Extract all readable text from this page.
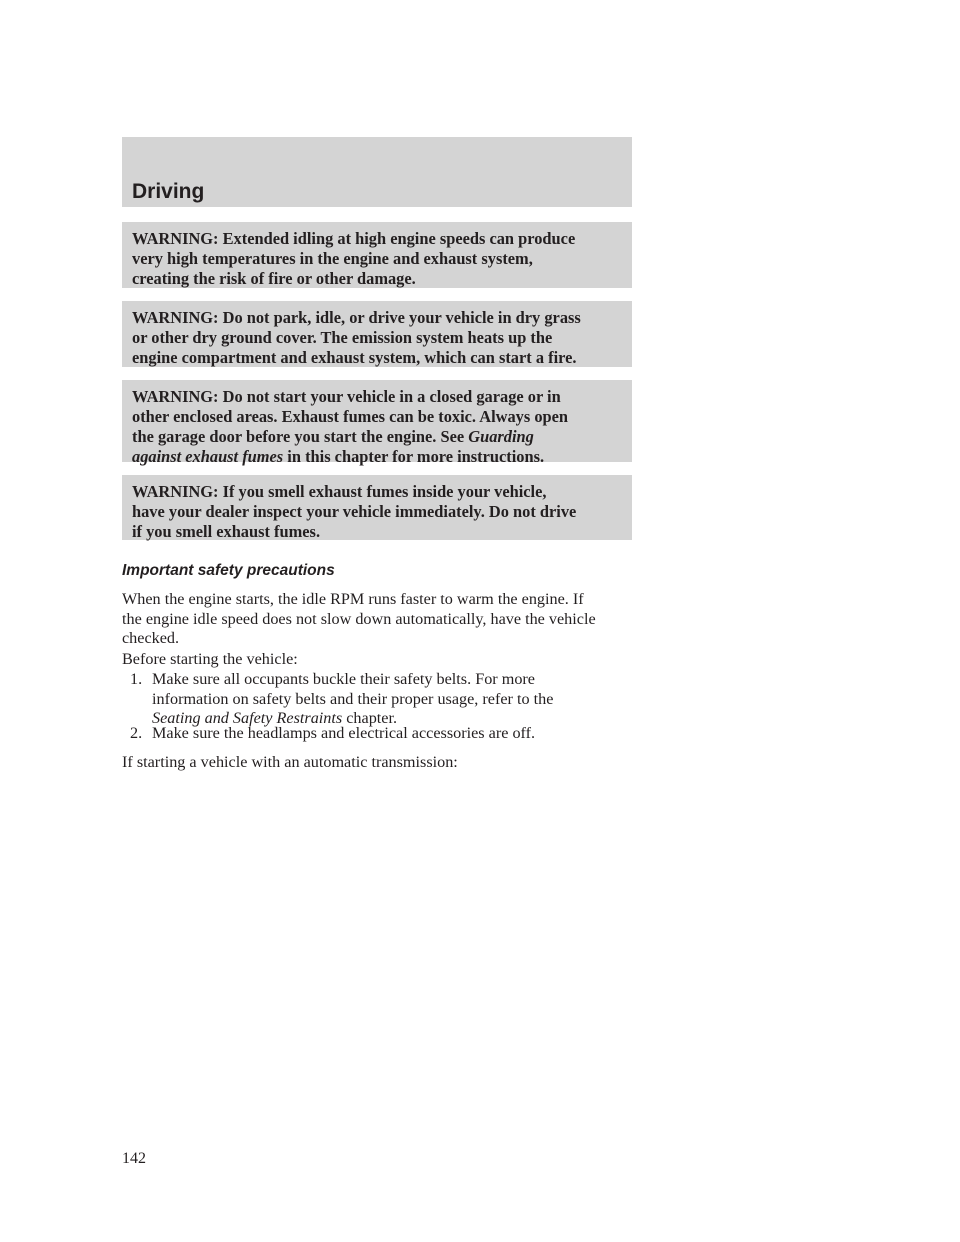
Driving
WARNING: Extended idling at high engine speeds can produce
very high temperatures in the engine and exhaust system,
creating the risk of fire or other damage.
WARNING: Do not park, idle, or drive your vehicle in dry grass
or other dry ground cover. The emission system heats up the
engine compartment and exhaust system, which can start a fire.
WARNING: Do not start your vehicle in a closed garage or in
other enclosed areas. Exhaust fumes can be toxic. Always open
the garage door before you start the engine. See Guarding
against exhaust fumes in this chapter for more instructions.
WARNING: If you smell exhaust fumes inside your vehicle,
have your dealer inspect your vehicle immediately. Do not drive
if you smell exhaust fumes.
Important safety precautions
When the engine starts, the idle RPM runs faster to warm the engine. If
the engine idle speed does not slow down automatically, have the vehicle
checked.
Before starting the vehicle:
1. Make sure all occupants buckle their safety belts. For more
information on safety belts and their proper usage, refer to the
Seating and Safety Restraints chapter.
2. Make sure the headlamps and electrical accessories are off.
If starting a vehicle with an automatic transmission:
142
